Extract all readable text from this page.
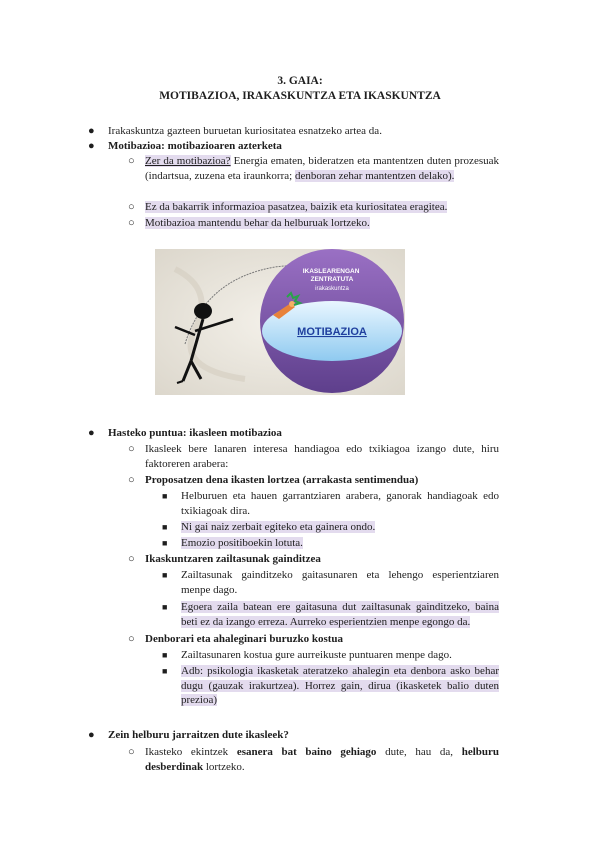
3. GAIA:
MOTIBAZIOA, IRAKASKUNTZA ETA IKASKUNTZA
● Irakaskuntza gazteen buruetan kuriositatea esnatzeko artea da.
● Motibazioa: motibazioaren azterketa
○ Zer da motibazioa? Energia ematen, bideratzen eta mantentzen duten prozesuak (indartsua, zuzena eta iraunkorra; denboran zehar mantentzen delako).
○ Ez da bakarrik informazioa pasatzea, baizik eta kuriositatea eragitea.
○ Motibazioa mantendu behar da helburuak lortzeko.
IKASLEARENGAN ZENTRATUTA
irakaskuntza
MOTIBAZIOA
● Hasteko puntua: ikasleen motibazioa
○ Ikasleek bere lanaren interesa handiagoa edo txikiagoa izango dute, hiru faktoreren arabera:
○ Proposatzen dena ikasten lortzea (arrakasta sentimendua)
■ Helburuen eta hauen garrantziaren arabera, ganorak handiagoak edo txikiagoak dira.
■ Ni gai naiz zerbait egiteko eta gainera ondo.
■ Emozio positiboekin lotuta.
○ Ikaskuntzaren zailtasunak gainditzea
■ Zailtasunak gainditzeko gaitasunaren eta lehengo esperientziaren menpe dago.
■ Egoera zaila batean ere gaitasuna dut zailtasunak gainditzeko, baina beti ez da izango erreza. Aurreko esperientzien menpe egongo da.
○ Denborari eta ahaleginari buruzko kostua
■ Zailtasunaren kostua gure aurreikuste puntuaren menpe dago.
■ Adb: psikologia ikasketak ateratzeko ahalegin eta denbora asko behar dugu (gauzak irakurtzea). Horrez gain, dirua (ikasketek balio duten prezioa)
● Zein helburu jarraitzen dute ikasleek?
○ Ikasteko ekintzek esanera bat baino gehiago dute, hau da, helburu desberdinak lortzeko.
